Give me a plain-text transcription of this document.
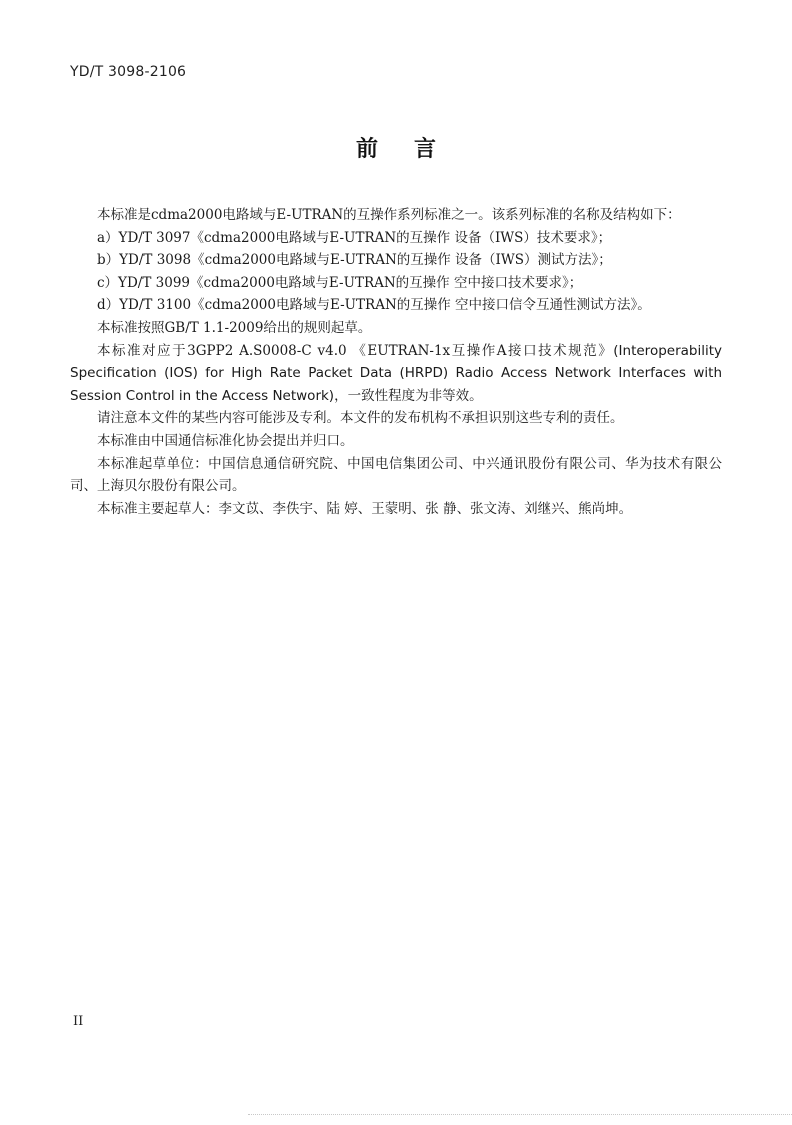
YD/T 3098-2106
前 言

本标准是cdma2000电路域与E-UTRAN的互操作系列标准之一。该系列标准的名称及结构如下：

a）YD/T 3097《cdma2000电路域与E-UTRAN的互操作 设备（IWS）技术要求》；

b）YD/T 3098《cdma2000电路域与E-UTRAN的互操作 设备（IWS）测试方法》；

c）YD/T 3099《cdma2000电路域与E-UTRAN的互操作 空中接口技术要求》；

d）YD/T 3100《cdma2000电路域与E-UTRAN的互操作 空中接口信令互通性测试方法》。

本标准按照GB/T 1.1-2009给出的规则起草。

本标准对应于3GPP2 A.S0008-C v4.0 《EUTRAN-1x互操作A接口技术规范》(Interoperability Specification (IOS) for High Rate Packet Data (HRPD) Radio Access Network Interfaces with Session Control in the Access Network)，一致性程度为非等效。

请注意本文件的某些内容可能涉及专利。本文件的发布机构不承担识别这些专利的责任。

本标准由中国通信标准化协会提出并归口。

本标准起草单位：中国信息通信研究院、中国电信集团公司、中兴通讯股份有限公司、华为技术有限公司、上海贝尔股份有限公司。

本标准主要起草人：李文苡、李佚宇、陆 婷、王蒙明、张 静、张文涛、刘继兴、熊尚坤。

II
